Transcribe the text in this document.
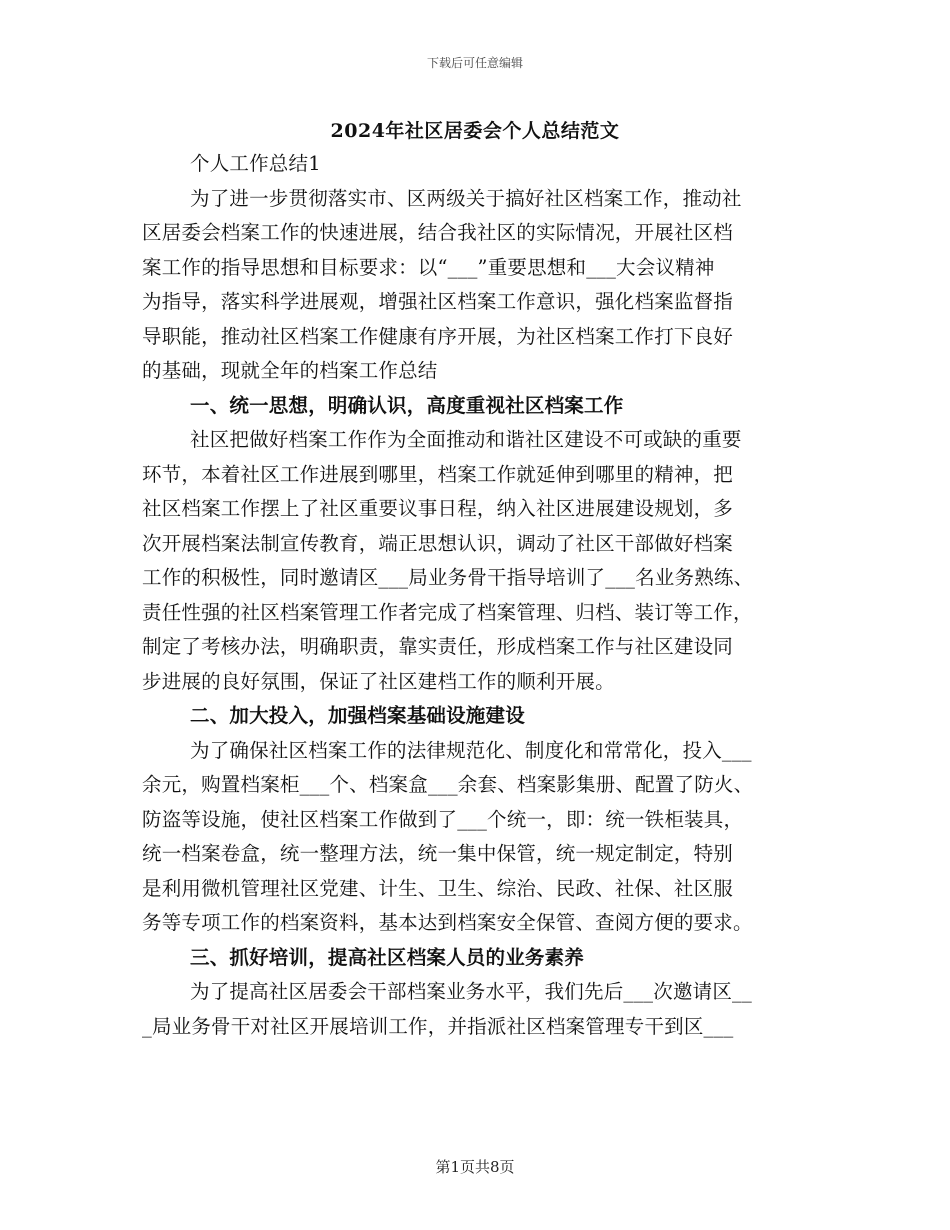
下载后可任意编辑
2024年社区居委会个人总结范文
个人工作总结1
为了进一步贯彻落实市、区两级关于搞好社区档案工作，推动社
区居委会档案工作的快速进展，结合我社区的实际情况，开展社区档
案工作的指导思想和目标要求：以“___”重要思想和___大会议精神
为指导，落实科学进展观，增强社区档案工作意识，强化档案监督指
导职能，推动社区档案工作健康有序开展，为社区档案工作打下良好
的基础，现就全年的档案工作总结
一、统一思想，明确认识，高度重视社区档案工作
社区把做好档案工作作为全面推动和谐社区建设不可或缺的重要
环节，本着社区工作进展到哪里，档案工作就延伸到哪里的精神，把
社区档案工作摆上了社区重要议事日程，纳入社区进展建设规划，多
次开展档案法制宣传教育，端正思想认识，调动了社区干部做好档案
工作的积极性，同时邀请区___局业务骨干指导培训了___名业务熟练、
责任性强的社区档案管理工作者完成了档案管理、归档、装订等工作，
制定了考核办法，明确职责，靠实责任，形成档案工作与社区建设同
步进展的良好氛围，保证了社区建档工作的顺利开展。
二、加大投入，加强档案基础设施建设
为了确保社区档案工作的法律规范化、制度化和常常化，投入___
余元，购置档案柜___个、档案盒___余套、档案影集册、配置了防火、
防盗等设施，使社区档案工作做到了___个统一，即：统一铁柜装具，
统一档案卷盒，统一整理方法，统一集中保管，统一规定制定，特别
是利用微机管理社区党建、计生、卫生、综治、民政、社保、社区服
务等专项工作的档案资料，基本达到档案安全保管、查阅方便的要求。
三、抓好培训，提高社区档案人员的业务素养
为了提高社区居委会干部档案业务水平，我们先后___次邀请区__
_局业务骨干对社区开展培训工作，并指派社区档案管理专干到区___
第1页共8页
